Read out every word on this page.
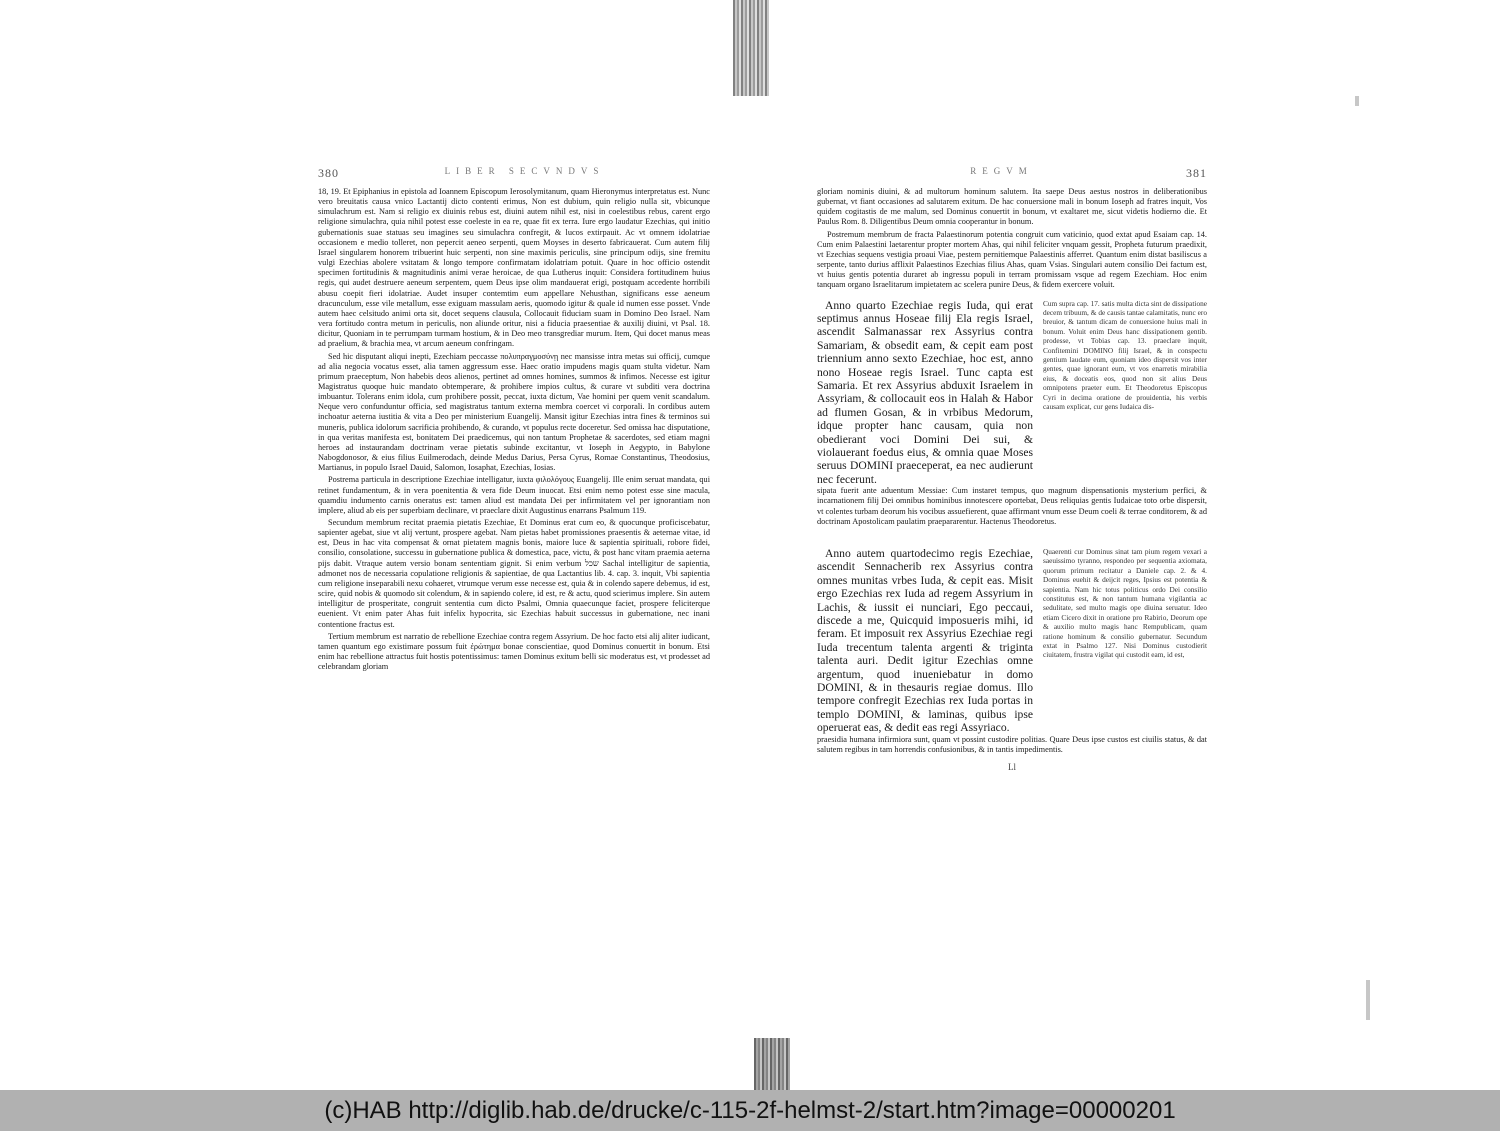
380	LIBER SECVNDVS

18, 19. Et Epiphanius in epistola ad Ioannem Episcopum Ierosolymitanum, quam Hieronymus interpretatus est. Nunc vero breuitatis causa vnico Lactantij dicto contenti erimus, Non est dubium, quin religio nulla sit, vbicunque simulachrum est. Nam si religio ex diuinis rebus est, diuini autem nihil est, nisi in coelestibus rebus, carent ergo religione simulachra, quia nihil potest esse coeleste in ea re, quae fit ex terra. Iure ergo laudatur Ezechias, qui initio gubernationis suae statuas seu imagines seu simulachra confregit, & lucos extirpauit. Ac vt omnem idolatriae occasionem e medio tolleret, non pepercit aeneo serpenti, quem Moyses in deserto fabricauerat. Cum autem filij Israel singularem honorem tribuerint huic serpenti, non sine maximis periculis, sine principum odijs, sine fremitu vulgi Ezechias abolere vsitatam & longo tempore confirmatam idolatriam potuit. Quare in hoc officio ostendit specimen fortitudinis & magnitudinis animi verae heroicae, de qua Lutherus inquit: Considera fortitudinem huius regis, qui audet destruere aeneum serpentem, quem Deus ipse olim mandauerat erigi, postquam accedente horribili abusu coepit fieri idolatriae. Audet insuper contemtim eum appellare Nehusthan, significans esse aeneum dracunculum, esse vile metallum, esse exiguam massulam aeris, quomodo igitur & quale id numen esse posset. Vnde autem haec celsitudo animi orta sit, docet sequens clausula, Collocauit fiduciam suam in Domino Deo Israel. Nam vera fortitudo contra metum in periculis, non aliunde oritur, nisi a fiducia praesentiae & auxilij diuini, vt Psal. 18. dicitur, Quoniam in te perrumpam turmam hostium, & in Deo meo transgrediar murum. Item, Qui docet manus meas ad praelium, & brachia mea, vt arcum aeneum confringam.

Sed hic disputant aliqui inepti, Ezechiam peccasse πολυπραγμοσύνῃ nec mansisse intra metas sui officij, cumque ad alia negocia vocatus esset, alia tamen aggressum esse. Haec oratio impudens magis quam stulta videtur. Nam primum praeceptum, Non habebis deos alienos, pertinet ad omnes homines, summos & infimos. Necesse est igitur Magistratus quoque huic mandato obtemperare, & prohibere impios cultus, & curare vt subditi vera doctrina imbuantur. Tolerans enim idola, cum prohibere possit, peccat, iuxta dictum, Vae homini per quem venit scandalum. Neque vero confunduntur officia, sed magistratus tantum externa membra coercet vi corporali. In cordibus autem inchoatur aeterna iustitia & vita a Deo per ministerium Euangelij. Mansit igitur Ezechias intra fines & terminos sui muneris, publica idolorum sacrificia prohibendo, & curando, vt populus recte doceretur. Sed omissa hac disputatione, in qua veritas manifesta est, bonitatem Dei praedicemus, qui non tantum Prophetae & sacerdotes, sed etiam magni heroes ad instaurandam doctrinam verae pietatis subinde excitantur, vt Ioseph in Aegypto, in Babylone Nabogdonosor, & eius filius Euilmerodach, deinde Medus Darius, Persa Cyrus, Romae Constantinus, Theodosius, Martianus, in populo Israel Dauid, Salomon, Iosaphat, Ezechias, Iosias.

Postrema particula in descriptione Ezechiae intelligatur, iuxta φιλολόγους Euangelij. Ille enim seruat mandata, qui retinet fundamentum, & in vera poenitentia & vera fide Deum inuocat. Etsi enim nemo potest esse sine macula, quamdiu indumento carnis oneratus est: tamen aliud est mandata Dei per infirmitatem vel per ignorantiam non implere, aliud ab eis per superbiam declinare, vt praeclare dixit Augustinus enarrans Psalmum 119.

Secundum membrum recitat praemia pietatis Ezechiae, Et Dominus erat cum eo, & quocunque proficiscebatur, sapienter agebat, siue vt alij vertunt, prospere agebat. Nam pietas habet promissiones praesentis & aeternae vitae, id est, Deus in hac vita compensat & ornat pietatem magnis bonis, maiore luce & sapientia spirituali, robore fidei, consilio, consolatione, successu in gubernatione publica & domestica, pace, victu, & post hanc vitam praemia aeterna pijs dabit. Vtraque autem versio bonam sententiam gignit. Si enim verbum שכל Sachal intelligitur de sapientia, admonet nos de necessaria copulatione religionis & sapientiae, de qua Lactantius lib. 4. cap. 3. inquit, Vbi sapientia cum religione inseparabili nexu cohaeret, vtrumque verum esse necesse est, quia & in colendo sapere debemus, id est, scire, quid nobis & quomodo sit colendum, & in sapiendo colere, id est, re & actu, quod scierimus implere. Sin autem intelligitur de prosperitate, congruit sententia cum dicto Psalmi, Omnia quaecunque faciet, prospere feliciterque euenient. Vt enim pater Ahas fuit infelix hypocrita, sic Ezechias habuit successus in gubernatione, nec inani contentione fractus est.

Tertium membrum est narratio de rebellione Ezechiae contra regem Assyrium. De hoc facto etsi alij aliter iudicant, tamen quantum ego existimare possum fuit ἐρώτημα bonae conscientiae, quod Dominus conuertit in bonum. Etsi enim hac rebellione attractus fuit hostis potentissimus: tamen Dominus exitum belli sic moderatus est, vt prodesset ad celebrandam gloriam

REGVM	381

gloriam nominis diuini, & ad multorum hominum salutem. Ita saepe Deus aestus nostros in deliberationibus gubernat, vt fiant occasiones ad salutarem exitum. De hac conuersione mali in bonum Ioseph ad fratres inquit, Vos quidem cogitastis de me malum, sed Dominus conuertit in bonum, vt exaltaret me, sicut videtis hodierno die. Et Paulus Rom. 8. Diligentibus Deum omnia cooperantur in bonum.

Postremum membrum de fracta Palaestinorum potentia congruit cum vaticinio, quod extat apud Esaiam cap. 14. Cum enim Palaestini laetarentur propter mortem Ahas, qui nihil feliciter vnquam gessit, Propheta futurum praedixit, vt Ezechias sequens vestigia proaui Viae, pestem pernitiemque Palaestinis afferret. Quantum enim distat basiliscus a serpente, tanto durius afflixit Palaestinos Ezechias filius Ahas, quam Vsias. Singulari autem consilio Dei factum est, vt huius gentis potentia duraret ab ingressu populi in terram promissam vsque ad regem Ezechiam. Hoc enim tanquam organo Israelitarum impietatem ac scelera punire Deus, & fidem exercere voluit.

Anno quarto Ezechiae regis Iuda, qui erat septimus annus Hoseae filij Ela regis Israel, ascendit Salmanassar rex Assyrius contra Samariam, & obsedit eam, & cepit eam post triennium anno sexto Ezechiae, hoc est, anno nono Hoseae regis Israel. Tunc capta est Samaria. Et rex Assyrius abduxit Israelem in Assyriam, & collocauit eos in Halah & Habor ad flumen Gosan, & in vrbibus Medorum, idque propter hanc causam, quia non obedierant voci Domini Dei sui, & violauerant foedus eius, & omnia quae Moses seruus DOMINI praeceperat, ea nec audierunt nec fecerunt.
Cum supra cap. 17. satis multa dicta sint de dissipatione decem tribuum, & de causis tantae calamitatis, nunc ero breuior, & tantum dicam de conuersione huius mali in bonum. Voluit enim Deus hanc dissipationem gentib. prodesse, vt Tobias cap. 13. praeclare inquit, Confitemini DOMINO filij Israel, & in conspectu gentium laudate eum, quoniam ideo dispersit vos inter gentes, quae ignorant eum, vt vos enarretis mirabilia eius, & doceatis eos, quod non sit alius Deus omnipotens praeter eum. Et Theodoretus Episcopus Cyri in decima oratione de prouidentia, his verbis causam explicat, cur gens Iudaica dis-

sipata fuerit ante aduentum Messiae: Cum instaret tempus, quo magnum dispensationis mysterium perfici, & incarnationem filij Dei omnibus hominibus innotescere oportebat, Deus reliquias gentis Iudaicae toto orbe dispersit, vt colentes turbam deorum his vocibus assuefierent, quae affirmant vnum esse Deum coeli & terrae conditorem, & ad doctrinam Apostolicam paulatim praepararentur. Hactenus Theodoretus.

Anno autem quartodecimo regis Ezechiae, ascendit Sennacherib rex Assyrius contra omnes munitas vrbes Iuda, & cepit eas. Misit ergo Ezechias rex Iuda ad regem Assyrium in Lachis, & iussit ei nunciari, Ego peccaui, discede a me, Quicquid imposueris mihi, id feram. Et imposuit rex Assyrius Ezechiae regi Iuda trecentum talenta argenti & triginta talenta auri. Dedit igitur Ezechias omne argentum, quod inueniebatur in domo DOMINI, & in thesauris regiae domus. Illo tempore confregit Ezechias rex Iuda portas in templo DOMINI, & laminas, quibus ipse operuerat eas, & dedit eas regi Assyriaco.
Quaerenti cur Dominus sinat tam pium regem vexari a saeuissimo tyranno, respondeo per sequentia axiomata, quorum primum recitatur a Daniele cap. 2. & 4. Dominus euehit & deijcit reges, Ipsius est potentia & sapientia. Nam hic totus politicus ordo Dei consilio constitutus est, & non tantum humana vigilantia ac sedulitate, sed multo magis ope diuina seruatur. Ideo etiam Cicero dixit in oratione pro Rabirio, Deorum ope & auxilio multo magis hanc Rempublicam, quam ratione hominum & consilio gubernatur. Secundum extat in Psalmo 127. Nisi Dominus custodierit ciuitatem, frustra vigilat qui custodit eam, id est,

praesidia humana infirmiora sunt, quam vt possint custodire politias. Quare Deus ipse custos est ciuilis status, & dat salutem regibus in tam horrendis confusionibus, & in tantis impedimentis.

Ll
(c)HAB http://diglib.hab.de/drucke/c-115-2f-helmst-2/start.htm?image=00000201
